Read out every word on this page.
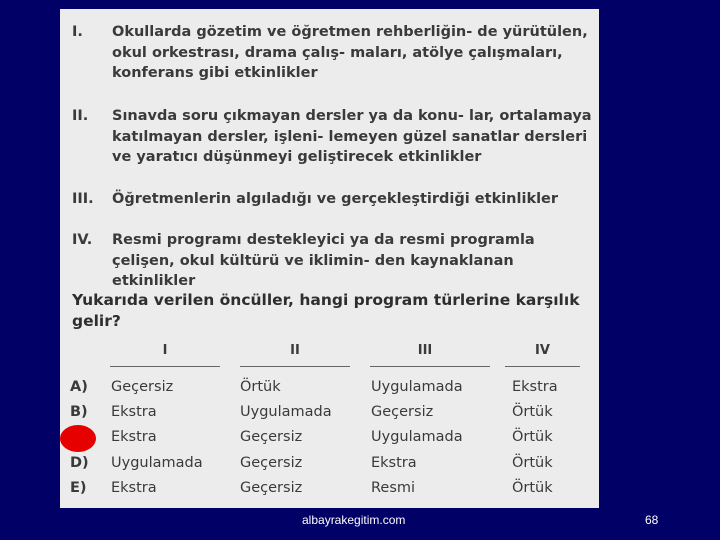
I.	Okullarda gözetim ve öğretmen rehberliğin- de yürütülen, okul orkestrası, drama çalış- maları, atölye çalışmaları, konferans gibi etkinlikler
II.	Sınavda soru çıkmayan dersler ya da konu- lar, ortalamaya katılmayan dersler, işleni- lemeyen güzel sanatlar dersleri ve yaratıcı düşünmeyi geliştirecek etkinlikler
III.	Öğretmenlerin algıladığı ve gerçekleştirdiği etkinlikler
IV.	Resmi programı destekleyici ya da resmi programla çelişen, okul kültürü ve iklimin- den kaynaklanan etkinlikler
Yukarıda verilen öncüller, hangi program türlerine karşılık gelir?
I	II	III	IV
A) Geçersiz	Örtük	Uygulamada	Ekstra
B) Ekstra	Uygulamada	Geçersiz	Örtük
Ekstra	Geçersiz	Uygulamada	Örtük
D) Uygulamada	Geçersiz	Ekstra	Örtük
E) Ekstra	Geçersiz	Resmi	Örtük
albayrakegitim.com	68
